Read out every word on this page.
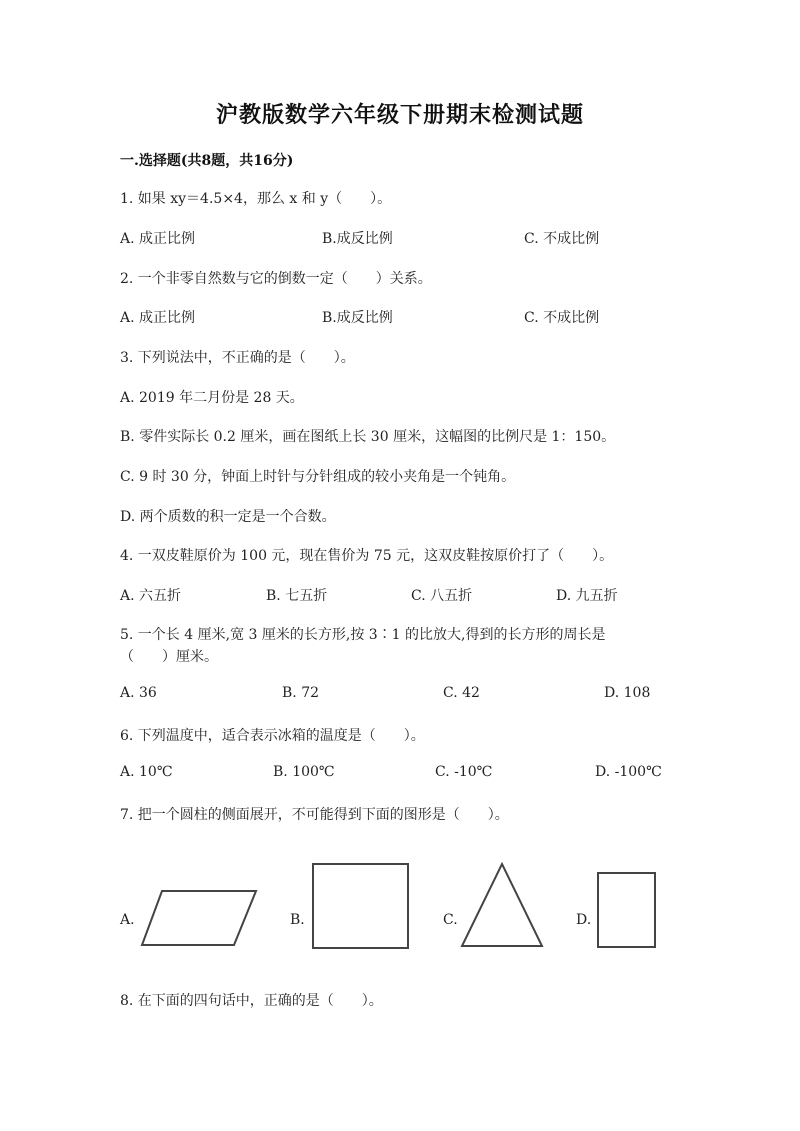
沪教版数学六年级下册期末检测试题
一.选择题(共8题，共16分)
1. 如果 xy＝4.5×4，那么 x 和 y（　　）。
A. 成正比例	B.成反比例	C. 不成比例
2. 一个非零自然数与它的倒数一定（　　）关系。
A. 成正比例	B.成反比例	C. 不成比例
3. 下列说法中，不正确的是（　　）。
A. 2019 年二月份是 28 天。
B. 零件实际长 0.2 厘米，画在图纸上长 30 厘米，这幅图的比例尺是 1：150。
C. 9 时 30 分，钟面上时针与分针组成的较小夹角是一个钝角。
D. 两个质数的积一定是一个合数。
4. 一双皮鞋原价为 100 元，现在售价为 75 元，这双皮鞋按原价打了（　　）。
A. 六五折	B. 七五折	C. 八五折	D. 九五折
5. 一个长 4 厘米,宽 3 厘米的长方形,按 3∶1 的比放大,得到的长方形的周长是
（　　）厘米。
A. 36	B. 72	C. 42	D. 108
6. 下列温度中，适合表示冰箱的温度是（　　）。
A. 10℃	B. 100℃	C. -10℃	D. -100℃
7. 把一个圆柱的侧面展开，不可能得到下面的图形是（　　）。
A.	B.	C.	D.
8. 在下面的四句话中，正确的是（　　）。
